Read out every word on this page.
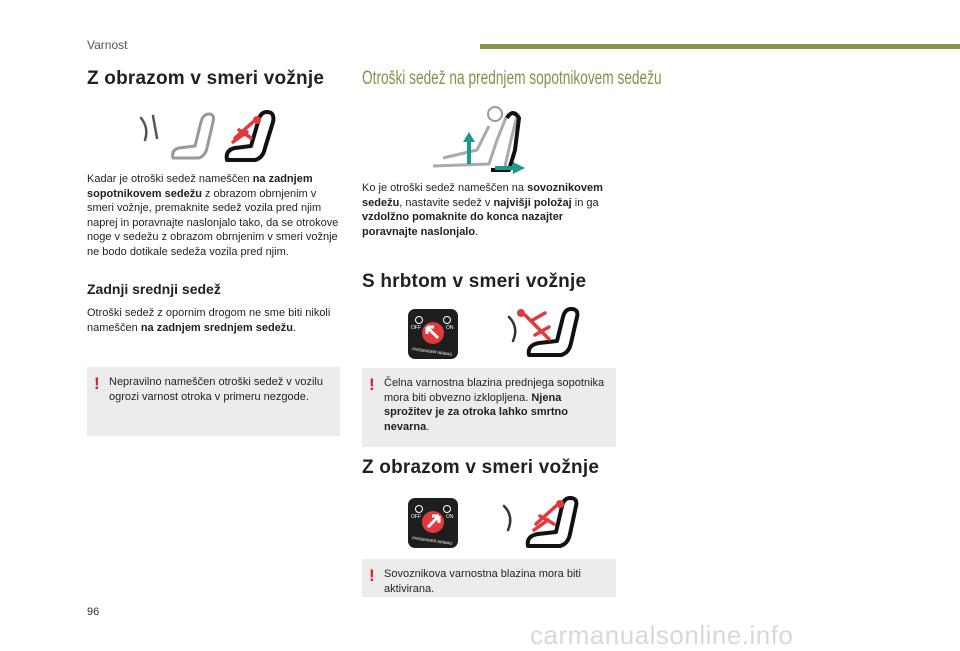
Varnost
Z obrazom v smeri vožnje

Kadar je otroški sedež nameščen na zadnjem sopotnikovem sedežu z obrazom obrnjenim v smeri vožnje, premaknite sedež vozila pred njim naprej in poravnajte naslonjalo tako, da se otrokove noge v sedežu z obrazom obrnjenim v smeri vožnje ne bodo dotikale sedeža vozila pred njim.

Zadnji srednji sedež

Otroški sedež z opornim drogom ne sme biti nikoli nameščen na zadnjem srednjem sedežu.

! Nepravilno nameščen otroški sedež v vozilu ogrozi varnost otroka v primeru nezgode.
Otroški sedež na prednjem sopotnikovem sedežu

Ko je otroški sedež nameščen na sovoznikovem sedežu, nastavite sedež v najvišji položaj in ga vzdolžno pomaknite do konca nazajter poravnajte naslonjalo.

S hrbtom v smeri vožnje
OFF	ON
PASSENGER AIRBAG
! Čelna varnostna blazina prednjega sopotnika mora biti obvezno izklopljena. Njena sprožitev je za otroka lahko smrtno nevarna.
Z obrazom v smeri vožnje
OFF	ON
PASSENGER AIRBAG
! Sovoznikova varnostna blazina mora biti aktivirana.
96
carmanualsonline.info
